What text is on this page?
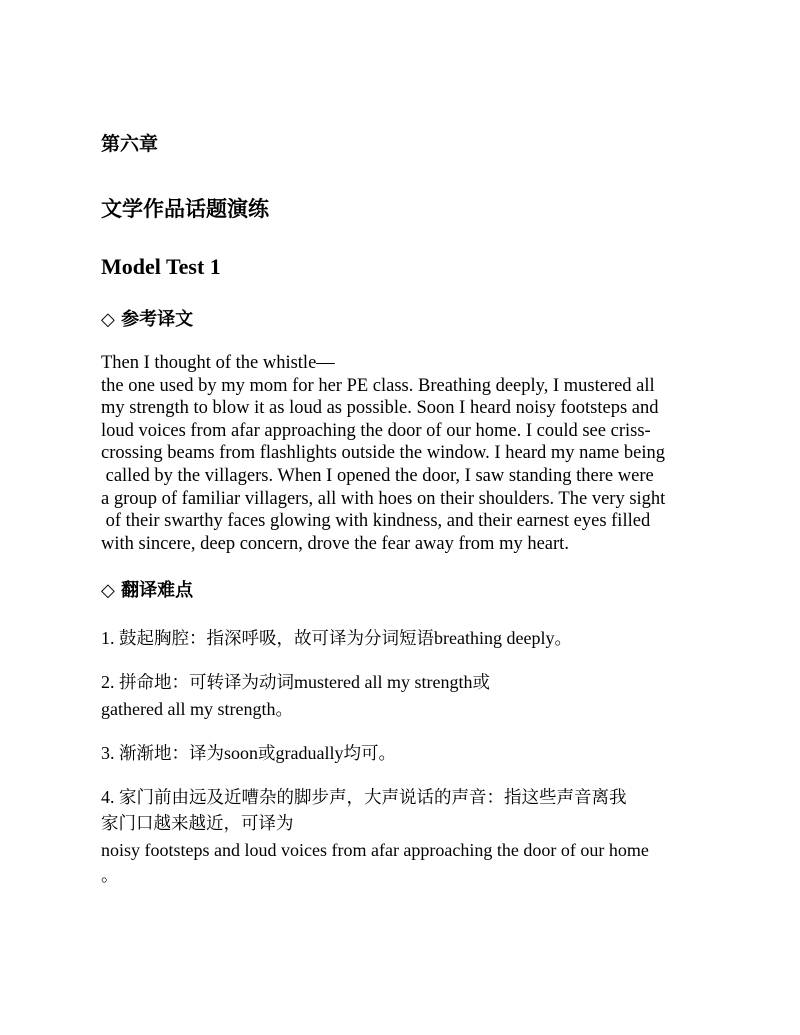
第六章
文学作品话题演练
Model Test 1
◇ 参考译文
Then I thought of the whistle—
the one used by my mom for her PE class. Breathing deeply, I mustered all
my strength to blow it as loud as possible. Soon I heard noisy footsteps and
loud voices from afar approaching the door of our home. I could see criss-
crossing beams from flashlights outside the window. I heard my name being
called by the villagers. When I opened the door, I saw standing there were
a group of familiar villagers, all with hoes on their shoulders. The very sight
of their swarthy faces glowing with kindness, and their earnest eyes filled
with sincere, deep concern, drove the fear away from my heart.
◇ 翻译难点
1. 鼓起胸腔：指深呼吸，故可译为分词短语breathing deeply。
2. 拼命地：可转译为动词mustered all my strength或
gathered all my strength。
3. 渐渐地：译为soon或gradually均可。
4. 家门前由远及近嘈杂的脚步声，大声说话的声音：指这些声音离我
家门口越来越近，可译为
noisy footsteps and loud voices from afar approaching the door of our home
。
